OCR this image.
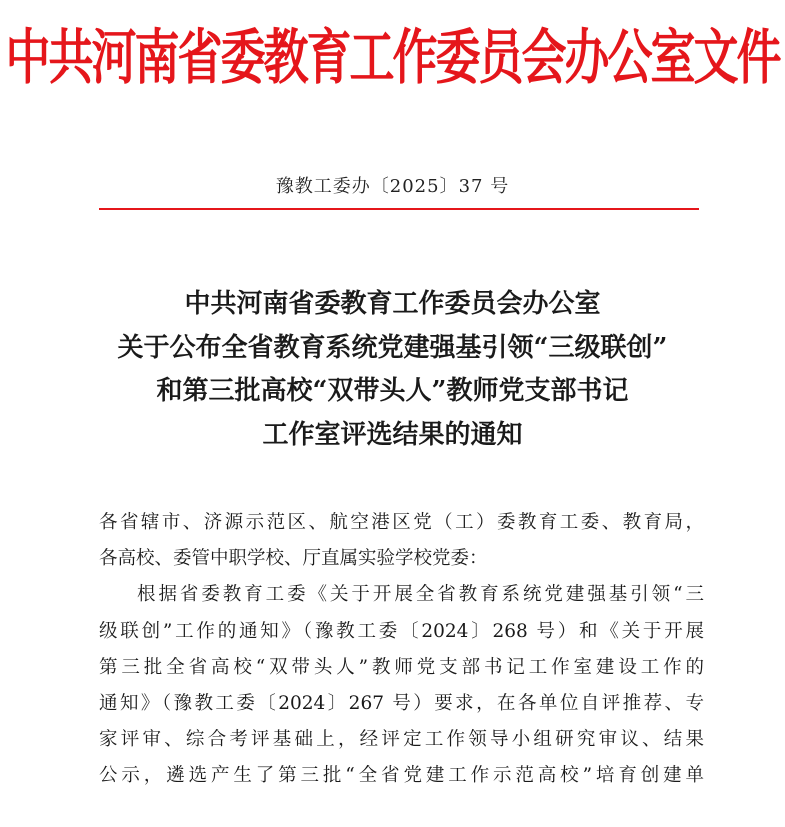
中共河南省委教育工作委员会办公室文件
豫教工委办〔2025〕37 号
中共河南省委教育工作委员会办公室
关于公布全省教育系统党建强基引领“三级联创”
和第三批高校“双带头人”教师党支部书记
工作室评选结果的通知
各省辖市、济源示范区、航空港区党（工）委教育工委、教育局，
各高校、委管中职学校、厅直属实验学校党委：
根据省委教育工委《关于开展全省教育系统党建强基引领“三
级联创”工作的通知》（豫教工委〔2024〕268 号）和《关于开展
第三批全省高校“双带头人”教师党支部书记工作室建设工作的
通知》（豫教工委〔2024〕267 号）要求，在各单位自评推荐、专
家评审、综合考评基础上，经评定工作领导小组研究审议、结果
公示，遴选产生了第三批“全省党建工作示范高校”培育创建单
